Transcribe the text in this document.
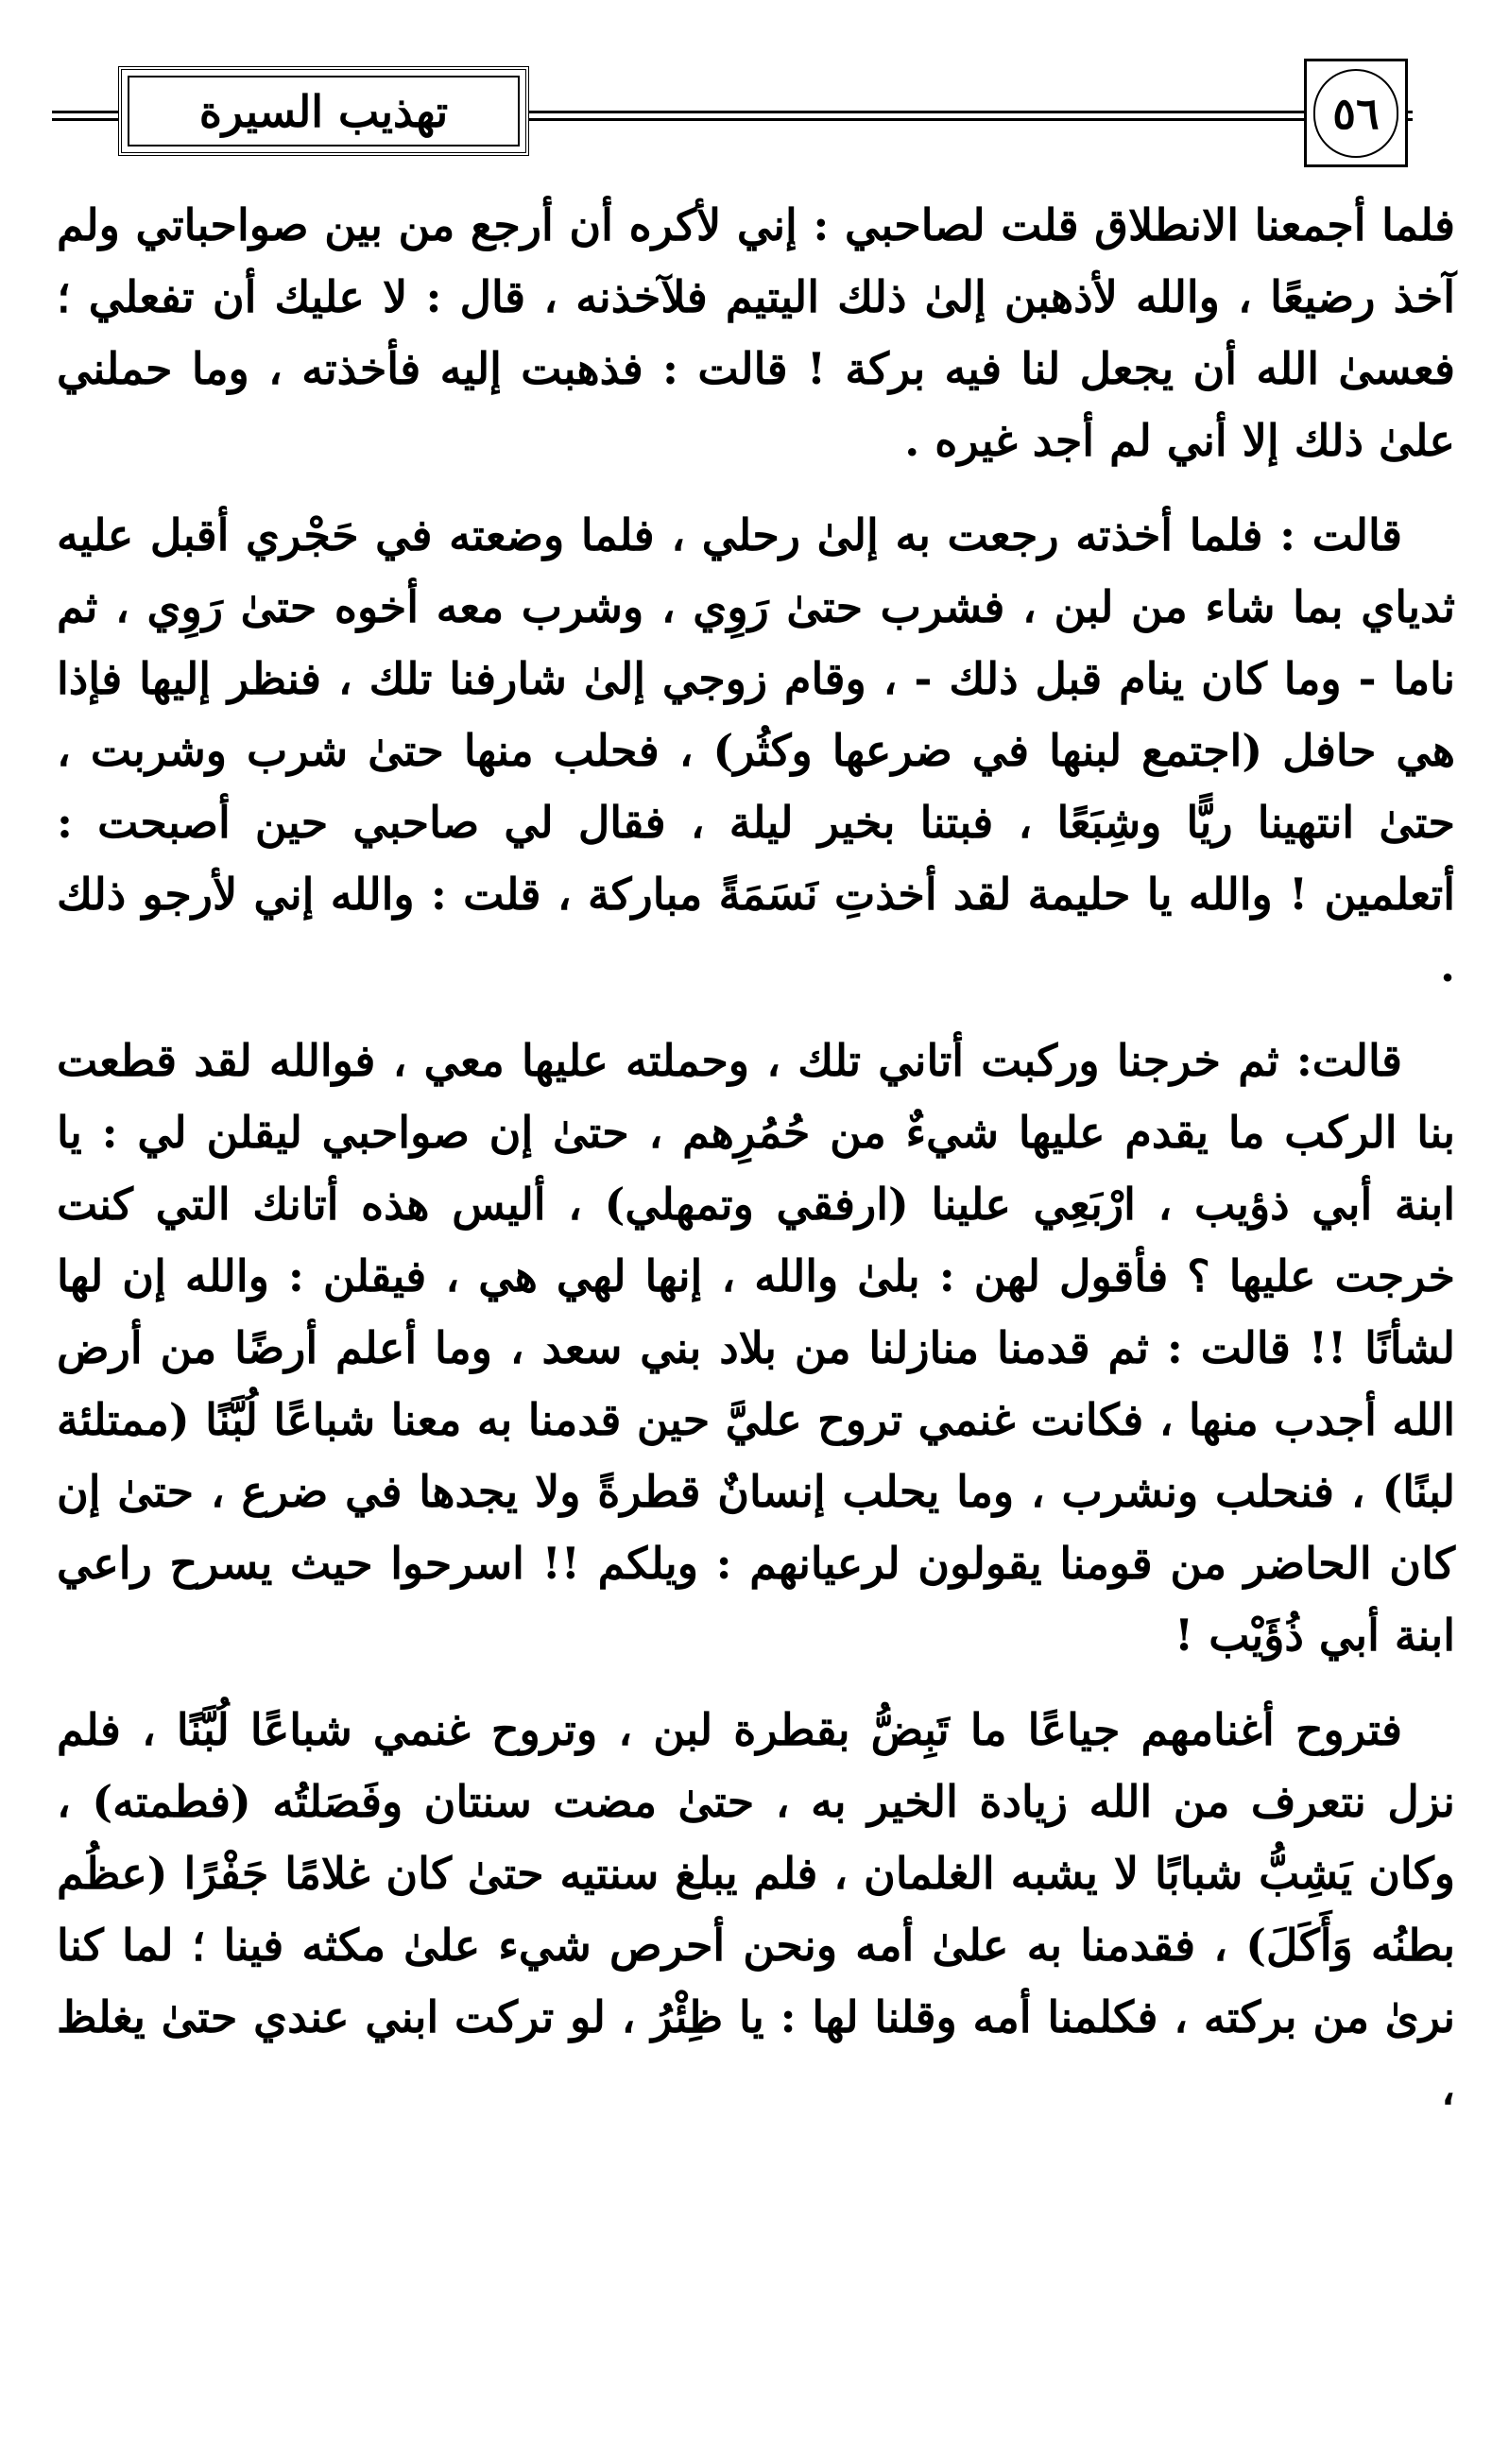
تهذيب السيرة	٥٦

فلما أجمعنا الانطلاق قلت لصاحبي : إني لأكره أن أرجع من بين صواحباتي ولم آخذ رضيعًا ، والله لأذهبن إلىٰ ذلك اليتيم فلآخذنه ، قال : لا عليك أن تفعلي ؛ فعسىٰ الله أن يجعل لنا فيه بركة ! قالت : فذهبت إليه فأخذته ، وما حملني علىٰ ذلك إلا أني لم أجد غيره .

قالت : فلما أخذته رجعت به إلىٰ رحلي ، فلما وضعته في حَجْري أقبل عليه ثدياي بما شاء من لبن ، فشرب حتىٰ رَوِي ، وشرب معه أخوه حتىٰ رَوِي ، ثم ناما - وما كان ينام قبل ذلك - ، وقام زوجي إلىٰ شارفنا تلك ، فنظر إليها فإذا هي حافل (اجتمع لبنها في ضرعها وكثُر) ، فحلب منها حتىٰ شرب وشربت ، حتىٰ انتهينا ريًّا وشِبَعًا ، فبتنا بخير ليلة ، فقال لي صاحبي حين أصبحت : أتعلمين ! والله يا حليمة لقد أخذتِ نَسَمَةً مباركة ، قلت : والله إني لأرجو ذلك .

قالت: ثم خرجنا وركبت أتاني تلك ، وحملته عليها معي ، فوالله لقد قطعت بنا الركب ما يقدم عليها شيءٌ من حُمُرِهم ، حتىٰ إن صواحبي ليقلن لي : يا ابنة أبي ذؤيب ، ارْبَعِي علينا (ارفقي وتمهلي) ، أليس هذه أتانك التي كنت خرجت عليها ؟ فأقول لهن : بلىٰ والله ، إنها لهي هي ، فيقلن : والله إن لها لشأنًا !! قالت : ثم قدمنا منازلنا من بلاد بني سعد ، وما أعلم أرضًا من أرض الله أجدب منها ، فكانت غنمي تروح عليَّ حين قدمنا به معنا شباعًا لُبَّنًا (ممتلئة لبنًا) ، فنحلب ونشرب ، وما يحلب إنسانٌ قطرةً ولا يجدها في ضرع ، حتىٰ إن كان الحاضر من قومنا يقولون لرعيانهم : ويلكم !! اسرحوا حيث يسرح راعي ابنة أبي ذُؤَيْب !

فتروح أغنامهم جياعًا ما تَبِضُّ بقطرة لبن ، وتروح غنمي شباعًا لُبَّنًا ، فلم نزل نتعرف من الله زيادة الخير به ، حتىٰ مضت سنتان وفَصَلتُه (فطمته) ، وكان يَشِبُّ شبابًا لا يشبه الغلمان ، فلم يبلغ سنتيه حتىٰ كان غلامًا جَفْرًا (عظُم بطنُه وَأَكَلَ) ، فقدمنا به علىٰ أمه ونحن أحرص شيء علىٰ مكثه فينا ؛ لما كنا نرىٰ من بركته ، فكلمنا أمه وقلنا لها : يا ظِئْرُ ، لو تركت ابني عندي حتىٰ يغلظ ،
